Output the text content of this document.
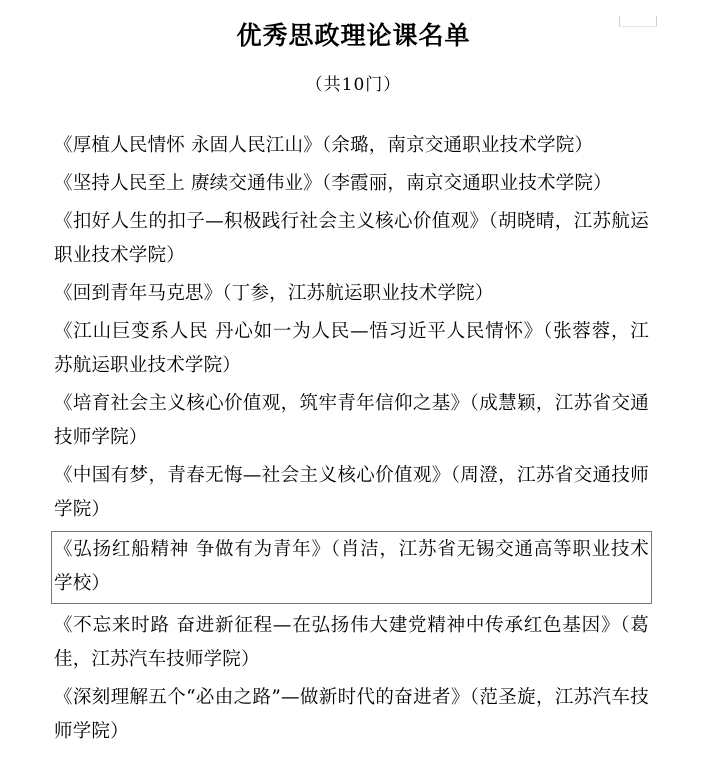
优秀思政理论课名单
（共10门）

《厚植人民情怀 永固人民江山》（余璐，南京交通职业技术学院）

《坚持人民至上 赓续交通伟业》（李霞丽，南京交通职业技术学院）

《扣好人生的扣子—积极践行社会主义核心价值观》（胡晓晴，江苏航运职业技术学院）

《回到青年马克思》（丁参，江苏航运职业技术学院）

《江山巨变系人民 丹心如一为人民—悟习近平人民情怀》（张蓉蓉，江苏航运职业技术学院）

《培育社会主义核心价值观，筑牢青年信仰之基》（成慧颖，江苏省交通技师学院）

《中国有梦，青春无悔—社会主义核心价值观》（周澄，江苏省交通技师学院）

《弘扬红船精神 争做有为青年》（肖洁，江苏省无锡交通高等职业技术学校）

《不忘来时路 奋进新征程—在弘扬伟大建党精神中传承红色基因》（葛佳，江苏汽车技师学院）

《深刻理解五个“必由之路”—做新时代的奋进者》（范圣旋，江苏汽车技师学院）
